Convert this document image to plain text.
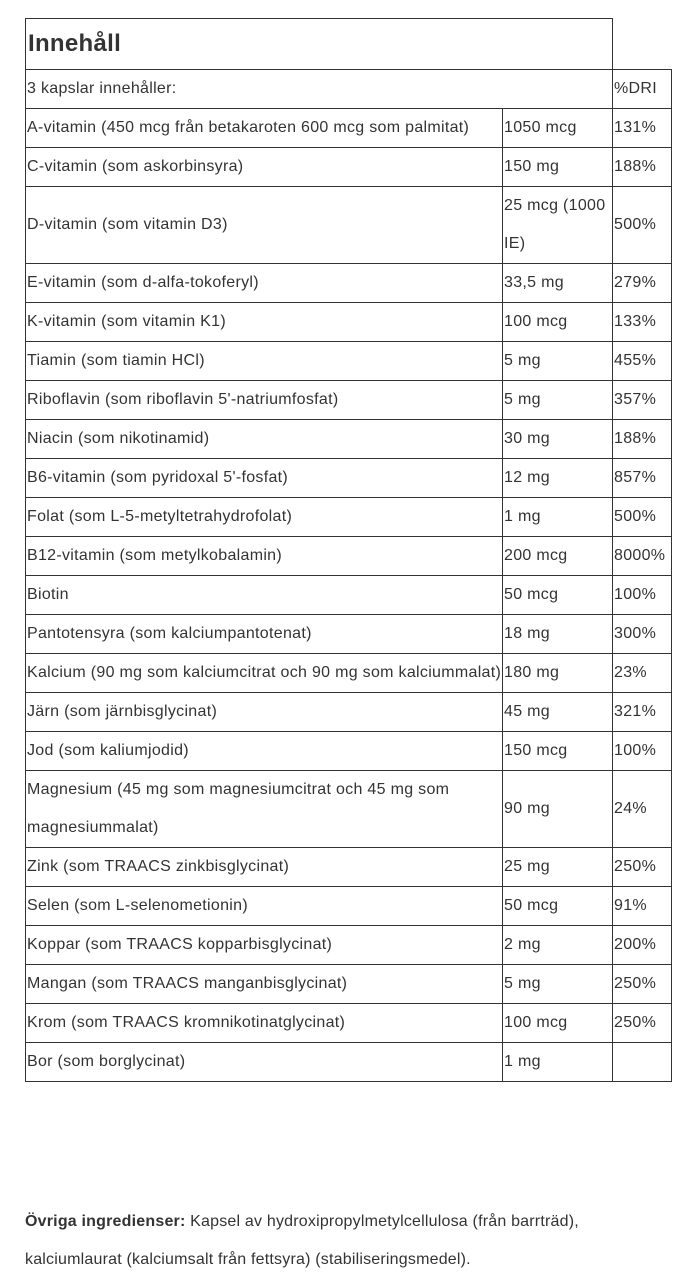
Innehåll		
3 kapslar innehåller:		%DRI
A-vitamin (450 mcg från betakaroten 600 mcg som palmitat)	1050 mcg	131%
C-vitamin (som askorbinsyra)	150 mg	188%
D-vitamin (som vitamin D3)	25 mcg (1000 IE)	500%
E-vitamin (som d-alfa-tokoferyl)	33,5 mg	279%
K-vitamin (som vitamin K1)	100 mcg	133%
Tiamin (som tiamin HCl)	5 mg	455%
Riboflavin (som riboflavin 5'-natriumfosfat)	5 mg	357%
Niacin (som nikotinamid)	30 mg	188%
B6-vitamin (som pyridoxal 5'-fosfat)	12 mg	857%
Folat (som L-5-metyltetrahydrofolat)	1 mg	500%
B12-vitamin (som metylkobalamin)	200 mcg	8000%
Biotin	50 mcg	100%
Pantotensyra (som kalciumpantotenat)	18 mg	300%
Kalcium (90 mg som kalciumcitrat och 90 mg som kalciummalat)	180 mg	23%
Järn (som järnbisglycinat)	45 mg	321%
Jod (som kaliumjodid)	150 mcg	100%
Magnesium (45 mg som magnesiumcitrat och 45 mg som magnesiummalat)	90 mg	24%
Zink (som TRAACS zinkbisglycinat)	25 mg	250%
Selen (som L-selenometionin)	50 mcg	91%
Koppar (som TRAACS kopparbisglycinat)	2 mg	200%
Mangan (som TRAACS manganbisglycinat)	5 mg	250%
Krom (som TRAACS kromnikotinatglycinat)	100 mcg	250%
Bor (som borglycinat)	1 mg	

Övriga ingredienser: Kapsel av hydroxipropylmetylcellulosa (från barrträd), kalciumlaurat (kalciumsalt från fettsyra) (stabiliseringsmedel).
